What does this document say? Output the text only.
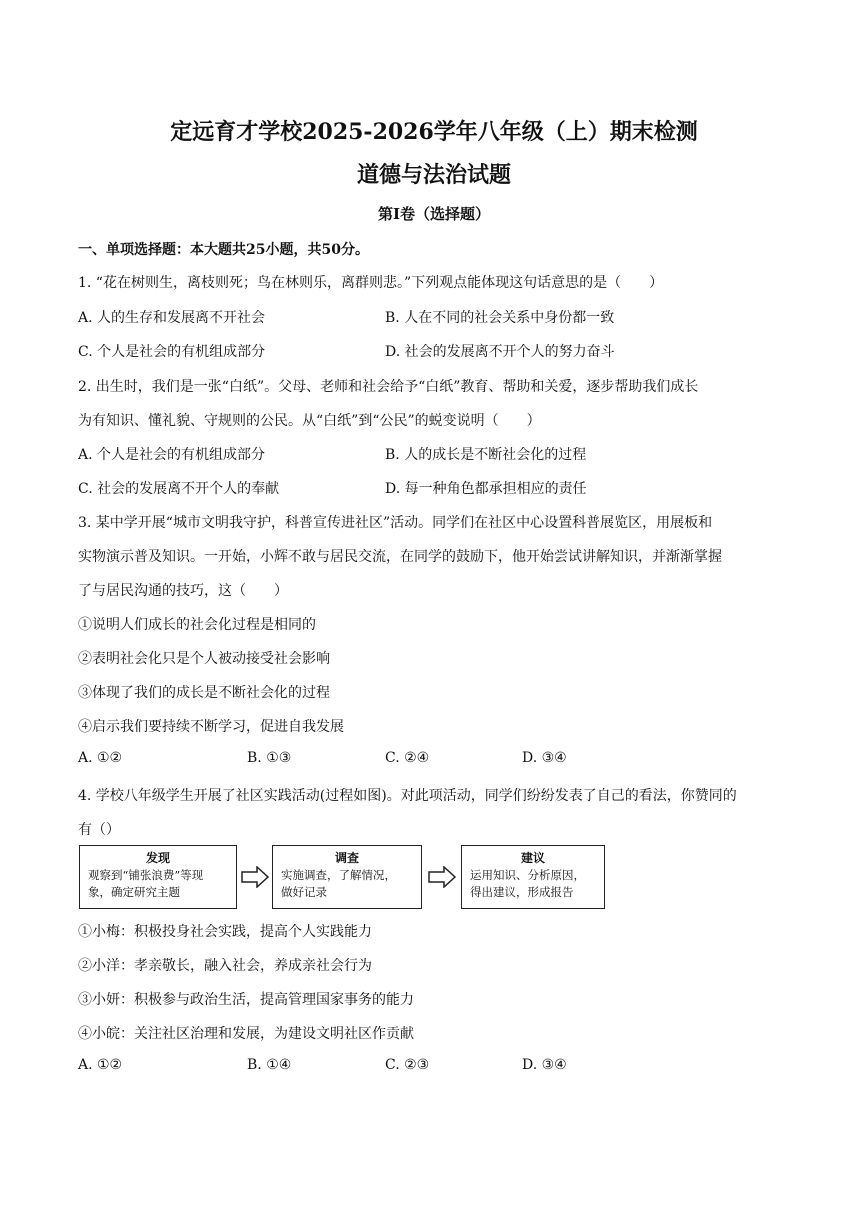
定远育才学校2025-2026学年八年级（上）期末检测
道德与法治试题
第Ⅰ卷（选择题）
一、单项选择题：本大题共25小题，共50分。
1. “花在树则生，离枝则死；鸟在林则乐，离群则悲。”下列观点能体现这句话意思的是（　　）
A. 人的生存和发展离不开社会	B. 人在不同的社会关系中身份都一致
C. 个人是社会的有机组成部分	D. 社会的发展离不开个人的努力奋斗
2. 出生时，我们是一张“白纸”。父母、老师和社会给予“白纸”教育、帮助和关爱，逐步帮助我们成长
为有知识、懂礼貌、守规则的公民。从“白纸”到“公民”的蜕变说明（　　）
A. 个人是社会的有机组成部分	B. 人的成长是不断社会化的过程
C. 社会的发展离不开个人的奉献	D. 每一种角色都承担相应的责任
3. 某中学开展“城市文明我守护，科普宣传进社区”活动。同学们在社区中心设置科普展览区，用展板和
实物演示普及知识。一开始，小辉不敢与居民交流，在同学的鼓励下，他开始尝试讲解知识，并渐渐掌握
了与居民沟通的技巧，这（　　）
①说明人们成长的社会化过程是相同的
②表明社会化只是个人被动接受社会影响
③体现了我们的成长是不断社会化的过程
④启示我们要持续不断学习，促进自我发展
A. ①②	B. ①③	C. ②④	D. ③④
4. 学校八年级学生开展了社区实践活动(过程如图)。对此项活动，同学们纷纷发表了自己的看法，你赞同的
有（）
发现
观察到“铺张浪费”等现
象，确定研究主题
调查
实施调查，了解情况，
做好记录
建议
运用知识、分析原因，
得出建议，形成报告
①小梅：积极投身社会实践，提高个人实践能力
②小洋：孝亲敬长，融入社会，养成亲社会行为
③小妍：积极参与政治生活，提高管理国家事务的能力
④小皖：关注社区治理和发展，为建设文明社区作贡献
A. ①②	B. ①④	C. ②③	D. ③④
